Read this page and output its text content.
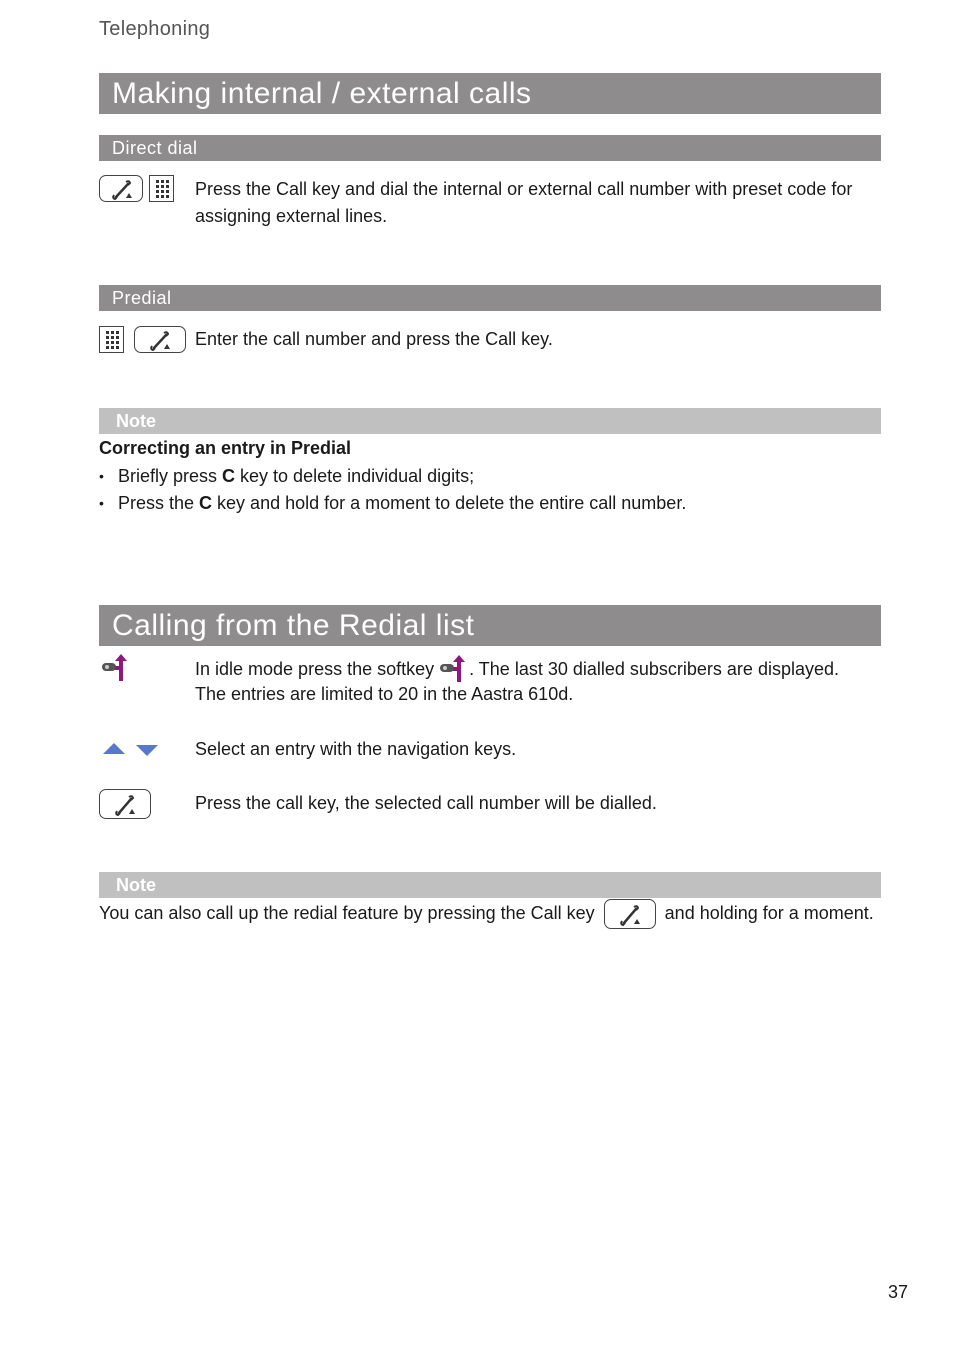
Telephoning
Making internal / external calls
Direct dial

Press the Call key and dial the internal or external call number with preset code for assigning external lines.
Predial

Enter the call number and press the Call key.
Note
Correcting an entry in Predial
• Briefly press C key to delete individual digits;
• Press the C key and hold for a moment to delete the entire call number.
Calling from the Redial list
In idle mode press the softkey . The last 30 dialled subscribers are displayed.
The entries are limited to 20 in the Aastra 610d.
Select an entry with the navigation keys.
Press the call key, the selected call number will be dialled.
Note
You can also call up the redial feature by pressing the Call key	and holding for a moment.
37
